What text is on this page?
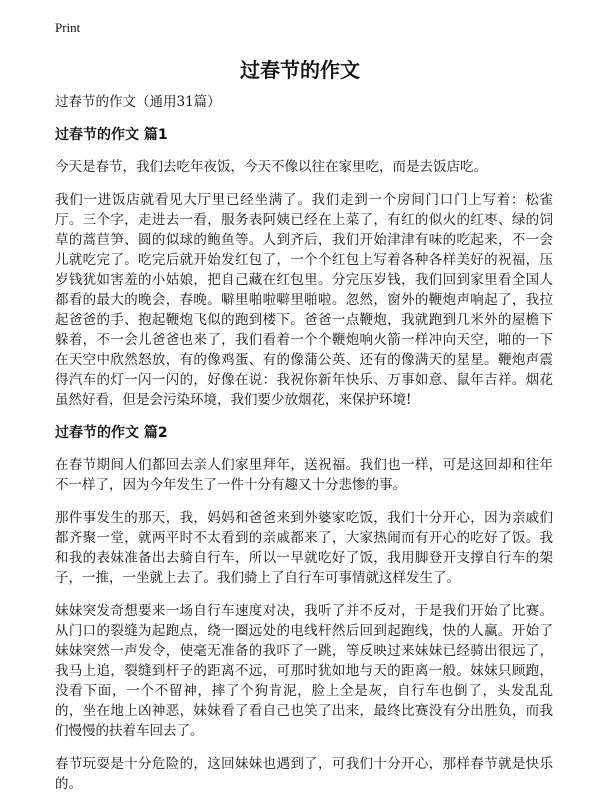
Print
过春节的作文

过春节的作文（通用31篇）

过春节的作文 篇1

今天是春节，我们去吃年夜饭，今天不像以往在家里吃，而是去饭店吃。

我们一进饭店就看见大厅里已经坐满了。我们走到一个房间门口门上写着：松雀厅。三个字，走进去一看，服务表阿姨已经在上菜了，有红的似火的红枣、绿的饲草的蒿苣笋、圆的似球的鲍鱼等。人到齐后，我们开始津津有味的吃起来，不一会儿就吃完了。吃完后就开始发红包了，一个个红包上写着各种各样美好的祝福，压岁钱犹如害羞的小姑娘，把自己藏在红包里。分完压岁钱，我们回到家里看全国人都看的最大的晚会，春晚。噼里啪啦噼里啪啦。忽然，窗外的鞭炮声响起了，我拉起爸爸的手、抱起鞭炮飞似的跑到楼下。爸爸一点鞭炮，我就跑到几米外的屋檐下躲着，不一会儿爸爸也来了，我们看着一个个鞭炮响火箭一样冲向天空，啪的一下在天空中欣然怒放，有的像鸡蛋、有的像蒲公英、还有的像满天的星星。鞭炮声震得汽车的灯一闪一闪的，好像在说：我祝你新年快乐、万事如意、鼠年吉祥。烟花虽然好看，但是会污染环境，我们要少放烟花，来保护环境!

过春节的作文 篇2

在春节期间人们都回去亲人们家里拜年，送祝福。我们也一样，可是这回却和往年不一样了，因为今年发生了一件十分有趣又十分悲惨的事。

那件事发生的那天，我，妈妈和爸爸来到外婆家吃饭，我们十分开心，因为亲戚们都齐聚一堂，就两平时不太看到的亲戚都来了，大家热闹而有开心的吃好了饭。我和我的表妹准备出去骑自行车，所以一早就吃好了饭，我用脚登开支撑自行车的架子，一推，一坐就上去了。我们骑上了自行车可事情就这样发生了。

妹妹突发奇想要来一场自行车速度对决，我听了并不反对，于是我们开始了比赛。从门口的裂缝为起跑点，绕一圈远处的电线杆然后回到起跑线，快的人赢。开始了妹妹突然一声发令，使毫无准备的我吓了一跳，等反映过来妹妹已经骑出很远了，我马上追，裂缝到杆子的距离不远，可那时犹如地与天的距离一般。妹妹只顾跑，没看下面，一个不留神，摔了个狗肯泥，脸上全是灰，自行车也倒了，头发乱乱的，坐在地上凶神恶，妹妹看了看自己也笑了出来，最终比赛没有分出胜负，而我们慢慢的扶着车回去了。

春节玩耍是十分危险的，这回妹妹也遇到了，可我们十分开心，那样春节就是快乐的。
